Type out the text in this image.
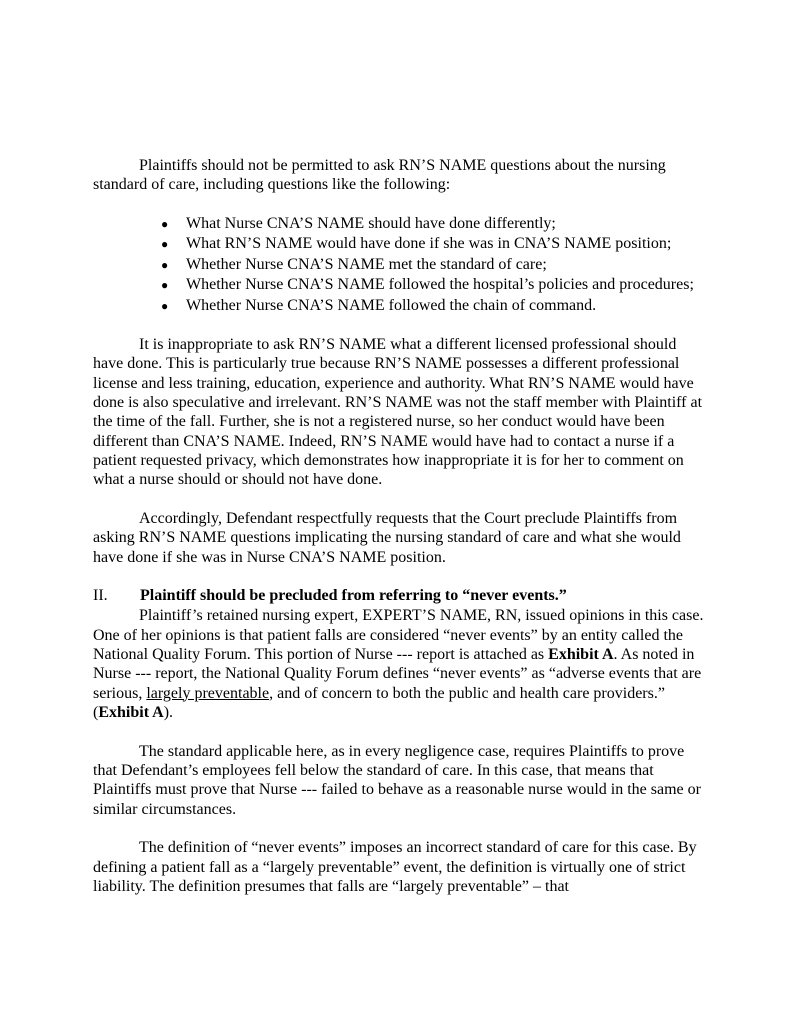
Plaintiffs should not be permitted to ask RN’S NAME questions about the nursing standard of care, including questions like the following:

● What Nurse CNA’S NAME should have done differently;
● What RN’S NAME would have done if she was in CNA’S NAME position;
● Whether Nurse CNA’S NAME met the standard of care;
● Whether Nurse CNA’S NAME followed the hospital’s policies and procedures;
● Whether Nurse CNA’S NAME followed the chain of command.

It is inappropriate to ask RN’S NAME what a different licensed professional should have done. This is particularly true because RN’S NAME possesses a different professional license and less training, education, experience and authority. What RN’S NAME would have done is also speculative and irrelevant. RN’S NAME was not the staff member with Plaintiff at the time of the fall. Further, she is not a registered nurse, so her conduct would have been different than CNA’S NAME. Indeed, RN’S NAME would have had to contact a nurse if a patient requested privacy, which demonstrates how inappropriate it is for her to comment on what a nurse should or should not have done.

Accordingly, Defendant respectfully requests that the Court preclude Plaintiffs from asking RN’S NAME questions implicating the nursing standard of care and what she would have done if she was in Nurse CNA’S NAME position.

II. Plaintiff should be precluded from referring to “never events.”

Plaintiff’s retained nursing expert, EXPERT’S NAME, RN, issued opinions in this case. One of her opinions is that patient falls are considered “never events” by an entity called the National Quality Forum. This portion of Nurse --- report is attached as Exhibit A. As noted in Nurse --- report, the National Quality Forum defines “never events” as “adverse events that are serious, largely preventable, and of concern to both the public and health care providers.” (Exhibit A).

The standard applicable here, as in every negligence case, requires Plaintiffs to prove that Defendant’s employees fell below the standard of care. In this case, that means that Plaintiffs must prove that Nurse --- failed to behave as a reasonable nurse would in the same or similar circumstances.

The definition of “never events” imposes an incorrect standard of care for this case. By defining a patient fall as a “largely preventable” event, the definition is virtually one of strict liability. The definition presumes that falls are “largely preventable” – that
